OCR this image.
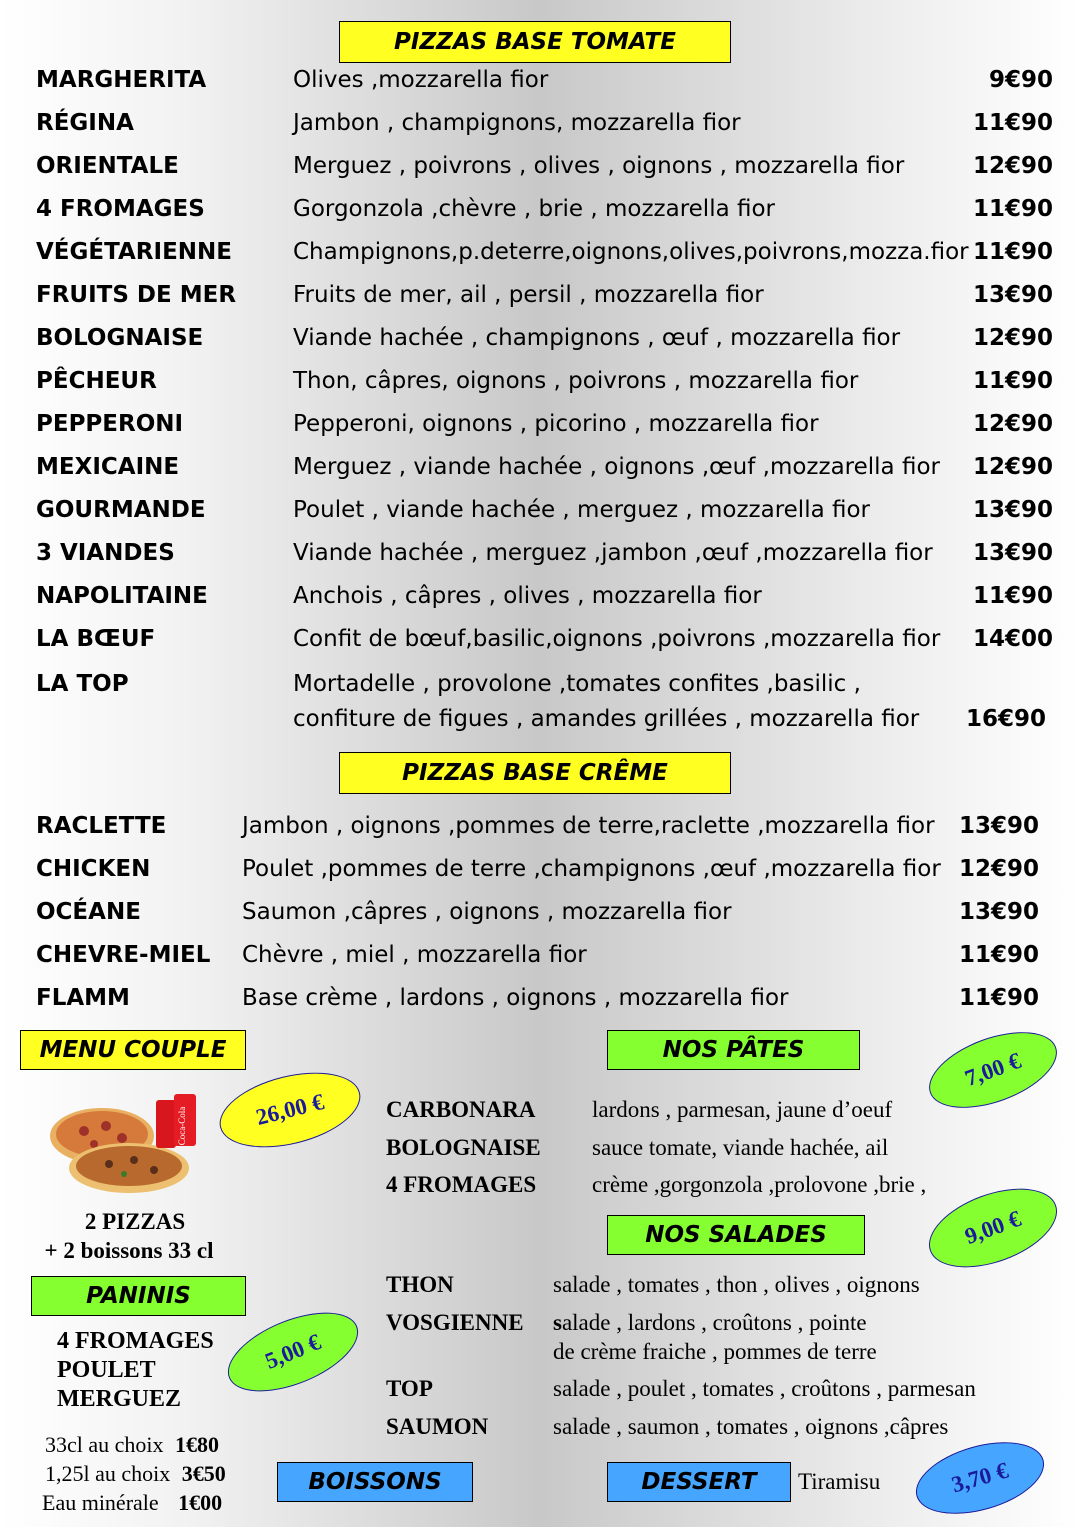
PIZZAS BASE TOMATE
MARGHERITA	Olives ,mozzarella fior	9€90
RÉGINA	Jambon , champignons, mozzarella fior	11€90
ORIENTALE	Merguez , poivrons , olives , oignons , mozzarella fior	12€90
4 FROMAGES	Gorgonzola ,chèvre , brie , mozzarella fior	11€90
VÉGÉTARIENNE	Champignons,p.deterre,oignons,olives,poivrons,mozza.fior 11€90
FRUITS DE MER Fruits de mer, ail , persil , mozzarella fior	13€90
BOLOGNAISE	Viande hachée , champignons , œuf , mozzarella fior	12€90
PÊCHEUR	Thon, câpres, oignons , poivrons , mozzarella fior	11€90
PEPPERONI	Pepperoni, oignons , picorino , mozzarella fior	12€90
MEXICAINE	Merguez , viande hachée , oignons ,œuf ,mozzarella fior 12€90
GOURMANDE	Poulet , viande hachée , merguez , mozzarella fior	13€90
3 VIANDES	Viande hachée , merguez ,jambon ,œuf ,mozzarella fior 13€90
NAPOLITAINE	Anchois , câpres , olives , mozzarella fior	11€90
LA BŒUF	Confit de bœuf,basilic,oignons ,poivrons ,mozzarella fior 14€00
LA TOP	Mortadelle , provolone ,tomates confites ,basilic ,
confiture de figues , amandes grillées , mozzarella fior 16€90
PIZZAS BASE CRÊME
RACLETTE	Jambon , oignons ,pommes de terre,raclette ,mozzarella fior 13€90
CHICKEN	Poulet ,pommes de terre ,champignons ,œuf ,mozzarella fior 12€90
OCÉANE	Saumon ,câpres , oignons , mozzarella fior	13€90
CHEVRE-MIEL Chèvre , miel , mozzarella fior	11€90
FLAMM	Base crème , lardons , oignons , mozzarella fior	11€90
MENU COUPLE
Coca-Cola	26,00 €
2 PIZZAS
+ 2 boissons 33 cl
PANINIS
4 FROMAGES
POULET
MERGUEZ
5,00 €
33cl au choix 1€80
1,25l au choix 3€50
Eau minérale 1€00
NOS PÂTES	7,00 €
CARBONARA lardons , parmesan, jaune d’oeuf
BOLOGNAISE sauce tomate, viande hachée, ail
4 FROMAGES crème ,gorgonzola ,prolovone ,brie ,
NOS SALADES	9,00 €
THON	salade , tomates , thon , olives , oignons
VOSGIENNE salade , lardons , croûtons , pointe
de crème fraiche , pommes de terre
TOP	salade , poulet , tomates , croûtons , parmesan
SAUMON	salade , saumon , tomates , oignons ,câpres
BOISSONS	DESSERT	Tiramisu	3,70 €
